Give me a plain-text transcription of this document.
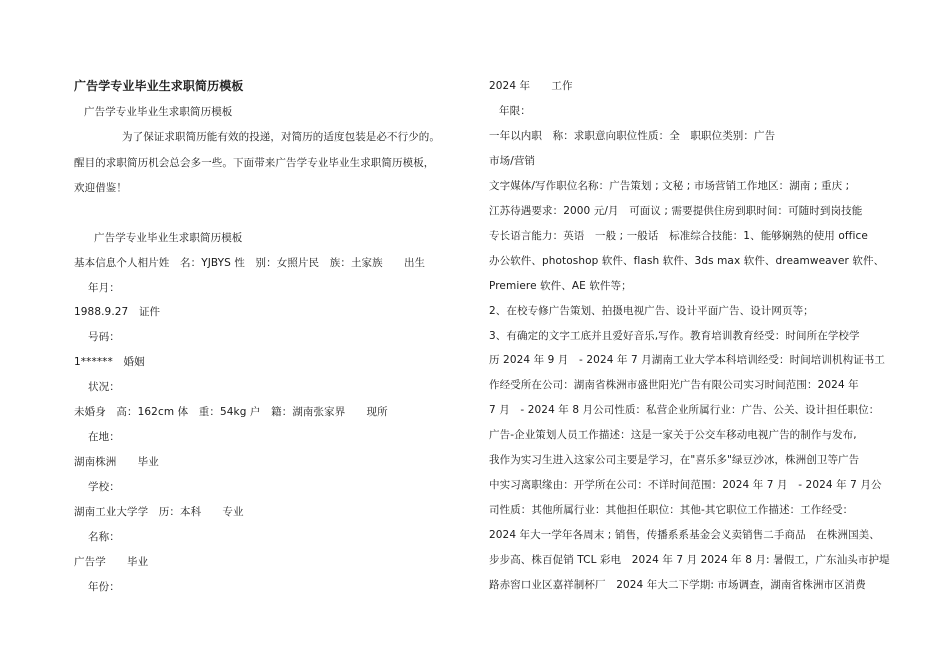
广告学专业毕业生求职简历模板
广告学专业毕业生求职简历模板
为了保证求职简历能有效的投递，对简历的适度包装是必不行少的。
醒目的求职简历机会总会多一些。下面带来广告学专业毕业生求职简历模板，
欢迎借鉴！
广告学专业毕业生求职简历模板
基本信息个人相片姓　名：YJBYS 性　别：女照片民　族：土家族　　出生
年月：
1988.9.27　证件
号码：
1******　婚姻
状况：
未婚身　高：162cm 体　重：54kg 户　籍：湖南张家界　　现所
在地：
湖南株洲　　毕业
学校：
湖南工业大学学　历：本科　　专业
名称：
广告学　　毕业
年份：
2024 年　　工作
年限：
一年以内职　称：求职意向职位性质：全　职职位类别：广告
市场/营销
文字媒体/写作职位名称：广告策划 ; 文秘 ; 市场营销工作地区：湖南 ; 重庆 ;
江苏待遇要求：2000 元/月　可面议 ; 需要提供住房到职时间：可随时到岗技能
专长语言能力：英语　一般 ; 一般话　标准综合技能：1、能够娴熟的使用 office
办公软件、photoshop 软件、flash 软件、3ds max 软件、dreamweaver 软件、
Premiere 软件、AE 软件等；
2、在校专修广告策划、拍摄电视广告、设计平面广告、设计网页等；
3、有确定的文字工底并且爱好音乐,写作。教育培训教育经受：时间所在学校学
历 2024 年 9 月　- 2024 年 7 月湖南工业大学本科培训经受：时间培训机构证书工
作经受所在公司：湖南省株洲市盛世阳光广告有限公司实习时间范围：2024 年
7 月　- 2024 年 8 月公司性质：私营企业所属行业：广告、公关、设计担任职位：
广告-企业策划人员工作描述：这是一家关于公交车移动电视广告的制作与发布,
我作为实习生进入这家公司主要是学习，在"喜乐多"绿豆沙冰，株洲创卫等广告
中实习离职缘由：开学所在公司：不详时间范围：2024 年 7 月　- 2024 年 7 月公
司性质：其他所属行业：其他担任职位：其他-其它职位工作描述：工作经受：
2024 年大一学年各周末 ; 销售，传播系系基金会义卖销售二手商品　在株洲国美、
步步高、株百促销 TCL 彩电　2024 年 7 月 2024 年 8 月: 暑假工，广东汕头市护堤
路赤窖口业区嘉祥制杯厂　2024 年大二下学期: 市场调查，湖南省株洲市区消费
